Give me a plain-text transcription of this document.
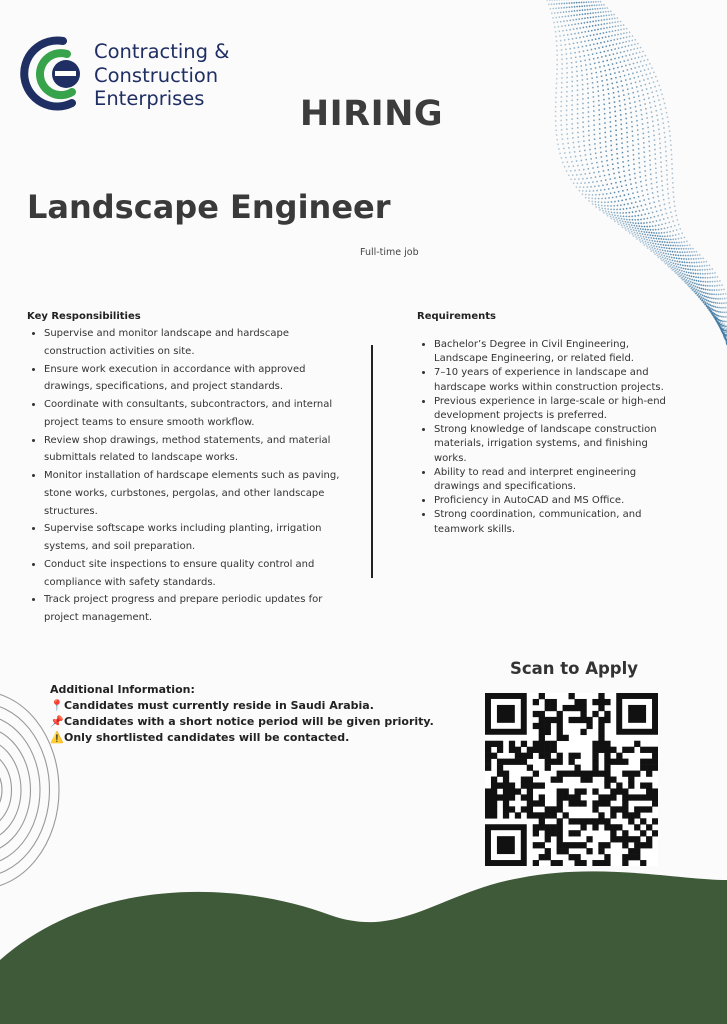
Contracting &
Construction
Enterprises	HIRING
Landscape Engineer
Full-time job
Key Responsibilities
• Supervise and monitor landscape and hardscape construction activities on site.
• Ensure work execution in accordance with approved drawings, specifications, and project standards.
• Coordinate with consultants, subcontractors, and internal project teams to ensure smooth workflow.
• Review shop drawings, method statements, and material submittals related to landscape works.
• Monitor installation of hardscape elements such as paving, stone works, curbstones, pergolas, and other landscape structures.
• Supervise softscape works including planting, irrigation systems, and soil preparation.
• Conduct site inspections to ensure quality control and compliance with safety standards.
• Track project progress and prepare periodic updates for project management.
Requirements
• Bachelor’s Degree in Civil Engineering, Landscape Engineering, or related field.
• 7–10 years of experience in landscape and hardscape works within construction projects.
• Previous experience in large-scale or high-end development projects is preferred.
• Strong knowledge of landscape construction materials, irrigation systems, and finishing works.
• Ability to read and interpret engineering drawings and specifications.
• Proficiency in AutoCAD and MS Office.
• Strong coordination, communication, and teamwork skills.
Additional Information:
📍 Candidates must currently reside in Saudi Arabia.
📌 Candidates with a short notice period will be given priority.
⚠️ Only shortlisted candidates will be contacted.
Scan to Apply
